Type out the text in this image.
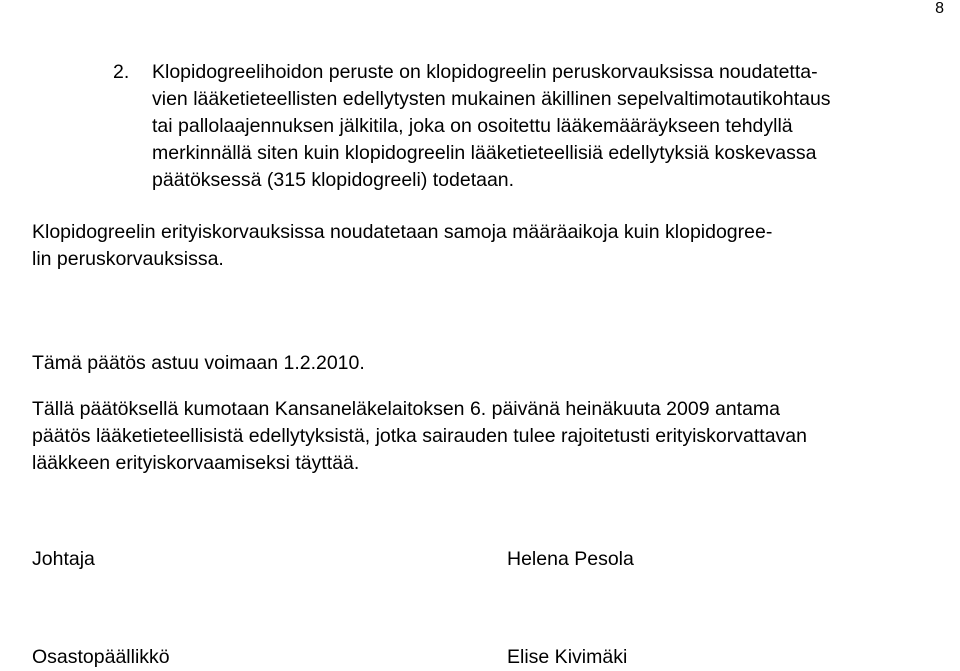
8
2. Klopidogreelihoidon peruste on klopidogreelin peruskorvauksissa noudatetta-
vien lääketieteellisten edellytysten mukainen äkillinen sepelvaltimotautikohtaus
tai pallolaajennuksen jälkitila, joka on osoitettu lääkemääräykseen tehdyllä
merkinnällä siten kuin klopidogreelin lääketieteellisiä edellytyksiä koskevassa
päätöksessä (315 klopidogreeli) todetaan.
Klopidogreelin erityiskorvauksissa noudatetaan samoja määräaikoja kuin klopidogree-
lin peruskorvauksissa.
Tämä päätös astuu voimaan 1.2.2010.
Tällä päätöksellä kumotaan Kansaneläkelaitoksen 6. päivänä heinäkuuta 2009 antama
päätös lääketieteellisistä edellytyksistä, jotka sairauden tulee rajoitetusti erityiskorvattavan
lääkkeen erityiskorvaamiseksi täyttää.
Johtaja	Helena Pesola
Osastopäällikkö	Elise Kivimäki
